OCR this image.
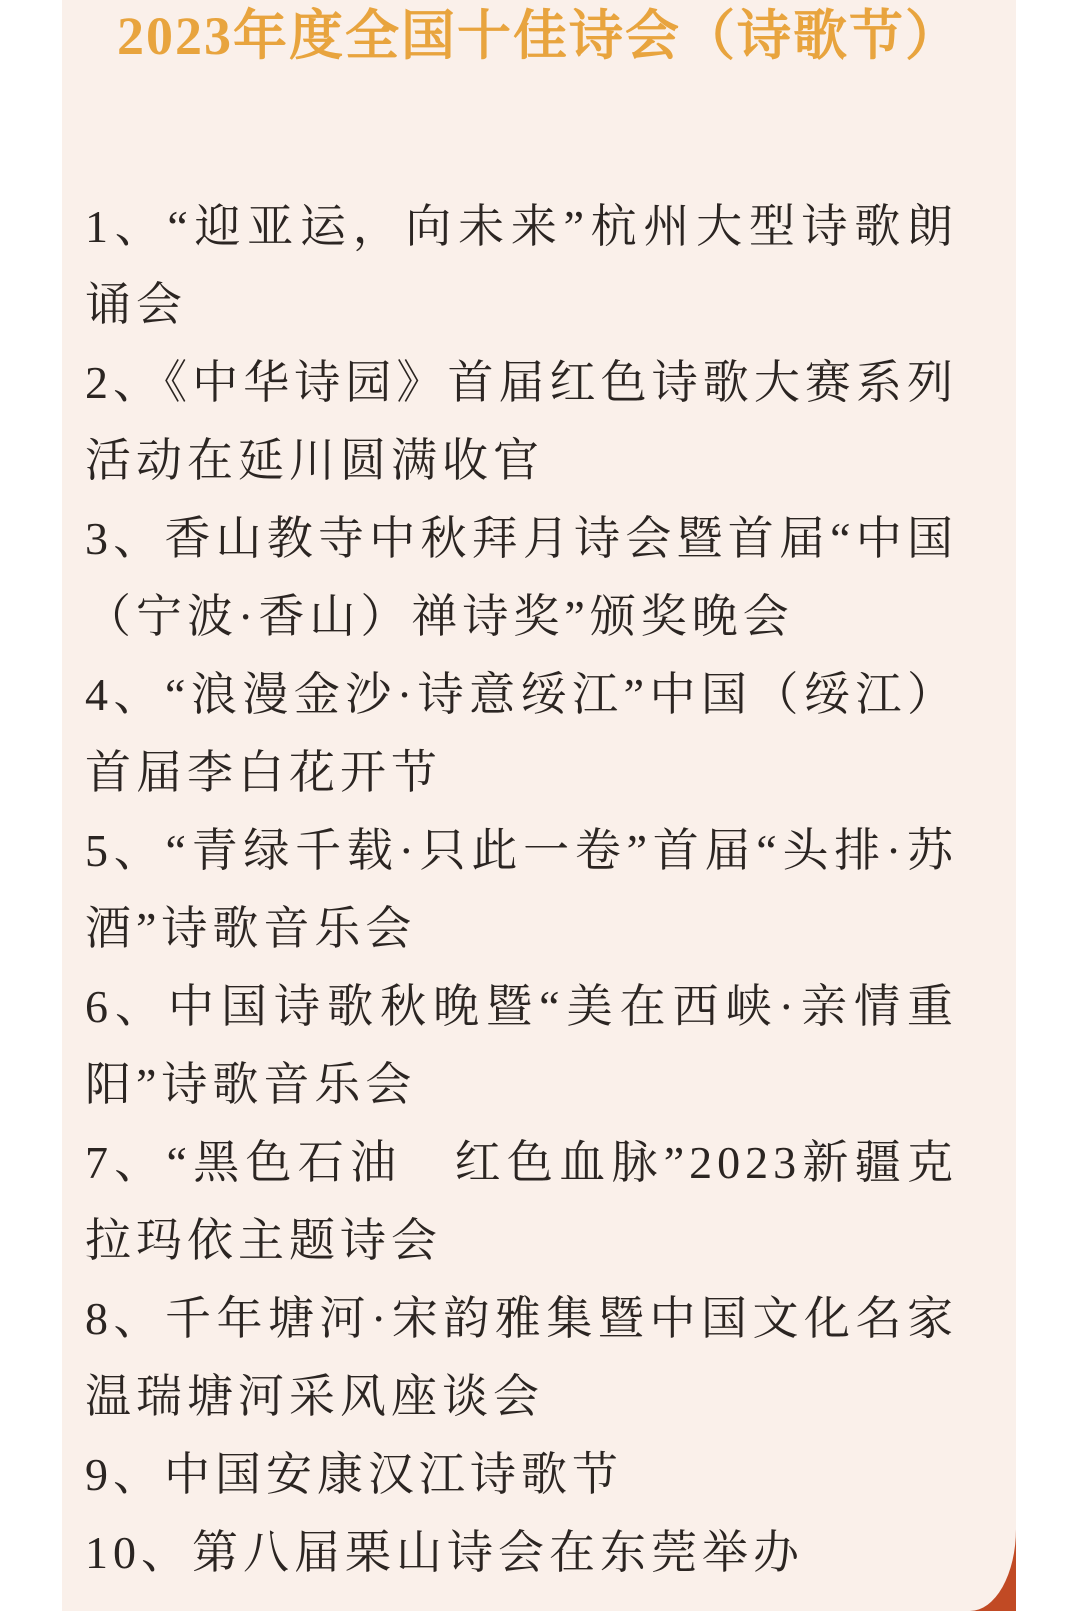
2023年度全国十佳诗会（诗歌节）

1、“迎亚运，向未来”杭州大型诗歌朗诵会

2、《中华诗园》首届红色诗歌大赛系列活动在延川圆满收官

3、香山教寺中秋拜月诗会暨首届“中国（宁波·香山）禅诗奖”颁奖晚会

4、“浪漫金沙·诗意绥江”中国（绥江）首届李白花开节

5、“青绿千载·只此一卷”首届“头排·苏酒”诗歌音乐会

6、中国诗歌秋晚暨“美在西峡·亲情重阳”诗歌音乐会

7、“黑色石油　红色血脉”2023新疆克拉玛依主题诗会

8、千年塘河·宋韵雅集暨中国文化名家温瑞塘河采风座谈会

9、中国安康汉江诗歌节

10、第八届栗山诗会在东莞举办
